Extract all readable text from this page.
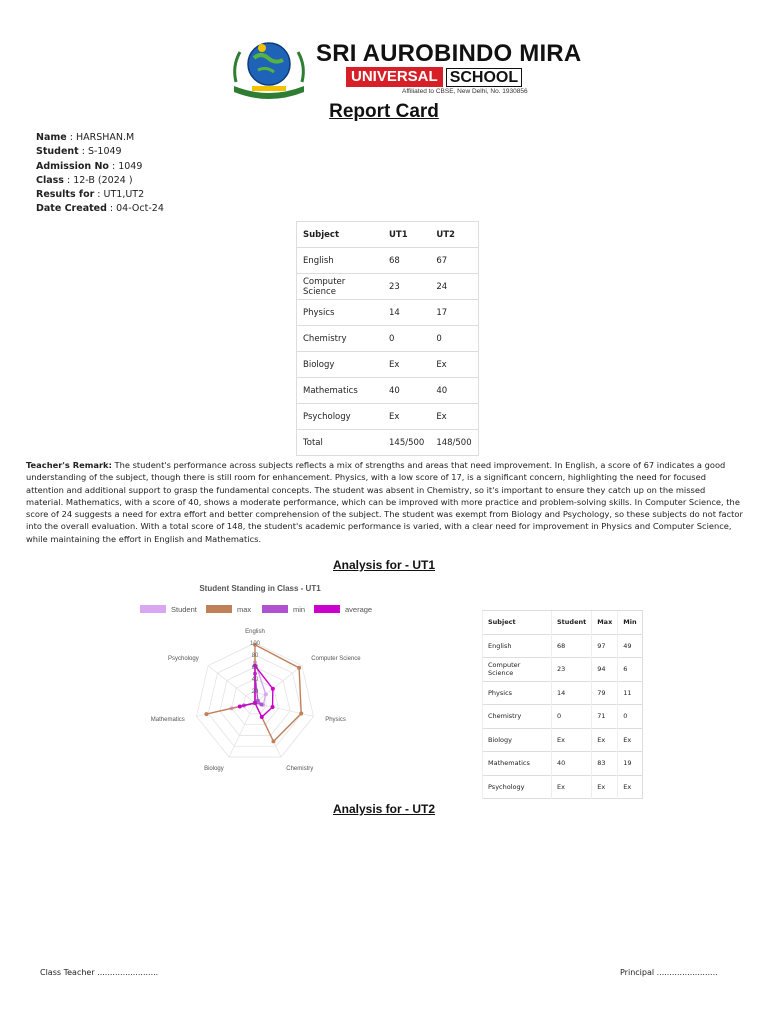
SRI AUROBINDO MIRA
UNIVERSAL SCHOOL
Affiliated to CBSE, New Delhi, No. 1930856
Report Card
Name : HARSHAN.M
Student : S-1049
Admission No : 1049
Class : 12-B (2024 )
Results for : UT1,UT2
Date Created : 04-Oct-24
Subject	UT1	UT2
English	68	67
Computer Science	23	24
Physics	14	17
Chemistry	0	0
Biology	Ex	Ex
Mathematics	40	40
Psychology	Ex	Ex
Total	145/500	148/500
Teacher's Remark: The student's performance across subjects reflects a mix of strengths and areas that need improvement. In English, a score of 67 indicates a good understanding of the subject, though there is still room for enhancement. Physics, with a low score of 17, is a significant concern, highlighting the need for focused attention and additional support to grasp the fundamental concepts. The student was absent in Chemistry, so it's important to ensure they catch up on the missed material. Mathematics, with a score of 40, shows a moderate performance, which can be improved with more practice and problem-solving skills. In Computer Science, the score of 24 suggests a need for extra effort and better comprehension of the subject. The student was exempt from Biology and Psychology, so these subjects do not factor into the overall evaluation. With a total score of 148, the student's academic performance is varied, with a clear need for improvement in Physics and Computer Science, while maintaining the effort in English and Mathematics.
Analysis for - UT1
Student Standing in Class - UT1
Student	max	min	average
English
Computer Science
Physics
Chemistry
Biology
Mathematics
Psychology
0
20
40
60
80
100
Subject	Student	Max	Min
English	68	97	49
Computer Science	23	94	6
Physics	14	79	11
Chemistry	0	71	0
Biology	Ex	Ex	Ex
Mathematics	40	83	19
Psychology	Ex	Ex	Ex
Analysis for - UT2
Class Teacher ........................	Principal ........................
